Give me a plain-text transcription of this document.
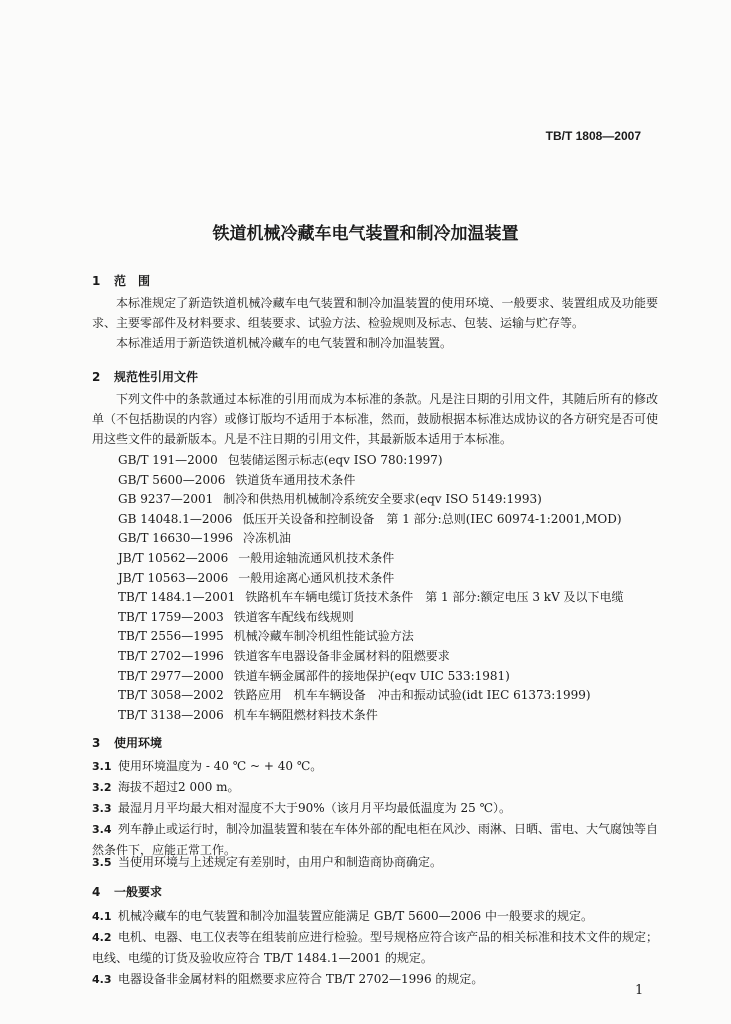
TB/T 1808—2007
铁道机械冷藏车电气装置和制冷加温装置
1 范　围
本标准规定了新造铁道机械冷藏车电气装置和制冷加温装置的使用环境、一般要求、装置组成及功能要求、主要零部件及材料要求、组装要求、试验方法、检验规则及标志、包装、运输与贮存等。
本标准适用于新造铁道机械冷藏车的电气装置和制冷加温装置。
2 规范性引用文件
下列文件中的条款通过本标准的引用而成为本标准的条款。凡是注日期的引用文件，其随后所有的修改单（不包括勘误的内容）或修订版均不适用于本标准，然而，鼓励根据本标准达成协议的各方研究是否可使用这些文件的最新版本。凡是不注日期的引用文件，其最新版本适用于本标准。
GB/T 191—2000 包装储运图示标志(eqv ISO 780:1997)
GB/T 5600—2006 铁道货车通用技术条件
GB 9237—2001 制冷和供热用机械制冷系统安全要求(eqv ISO 5149:1993)
GB 14048.1—2006 低压开关设备和控制设备　第 1 部分:总则(IEC 60974-1:2001,MOD)
GB/T 16630—1996 冷冻机油
JB/T 10562—2006 一般用途轴流通风机技术条件
JB/T 10563—2006 一般用途离心通风机技术条件
TB/T 1484.1—2001 铁路机车车辆电缆订货技术条件　第 1 部分:额定电压 3 kV 及以下电缆
TB/T 1759—2003 铁道客车配线布线规则
TB/T 2556—1995 机械冷藏车制冷机组性能试验方法
TB/T 2702—1996 铁道客车电器设备非金属材料的阻燃要求
TB/T 2977—2000 铁道车辆金属部件的接地保护(eqv UIC 533:1981)
TB/T 3058—2002 铁路应用　机车车辆设备　冲击和振动试验(idt IEC 61373:1999)
TB/T 3138—2006 机车车辆阻燃材料技术条件
3 使用环境
3.1 使用环境温度为 - 40 ℃ ~ + 40 ℃。
3.2 海拔不超过2 000 m。
3.3 最湿月月平均最大相对湿度不大于90%（该月月平均最低温度为 25 ℃）。
3.4 列车静止或运行时，制冷加温装置和装在车体外部的配电柜在风沙、雨淋、日晒、雷电、大气腐蚀等自然条件下，应能正常工作。
3.5 当使用环境与上述规定有差别时，由用户和制造商协商确定。
4 一般要求
4.1 机械冷藏车的电气装置和制冷加温装置应能满足 GB/T 5600—2006 中一般要求的规定。
4.2 电机、电器、电工仪表等在组装前应进行检验。型号规格应符合该产品的相关标准和技术文件的规定；电线、电缆的订货及验收应符合 TB/T 1484.1—2001 的规定。
4.3 电器设备非金属材料的阻燃要求应符合 TB/T 2702—1996 的规定。
1
